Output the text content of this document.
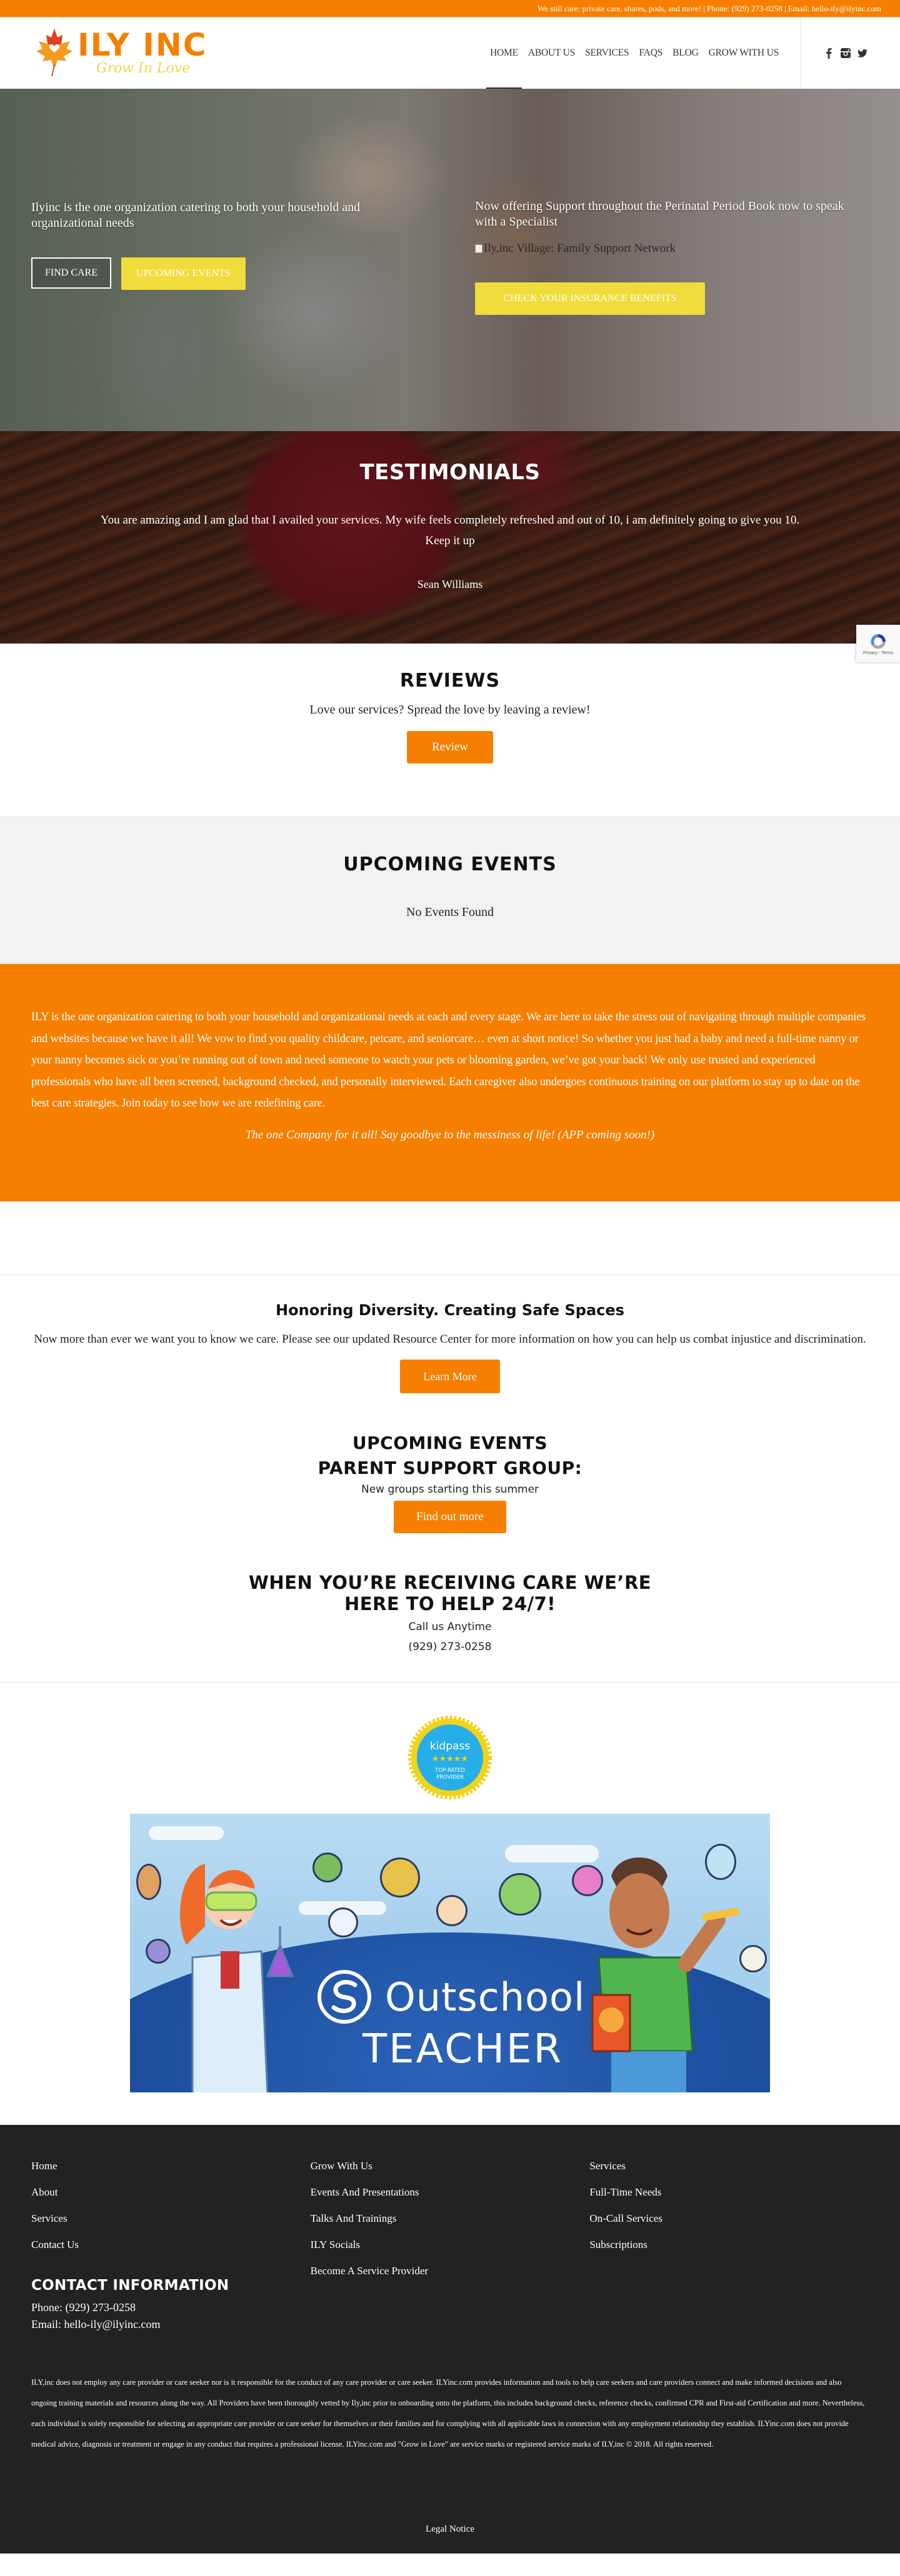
We still care: private care, shares, pods, and more! | Phone: (929) 273-0258 | Email: hello-ily@ilyinc.com
ILY INC
Grow In Love
HOME	ABOUT US	SERVICES	FAQS	BLOG	GROW WITH US

Ilyinc is the one organization catering to both your household and organizational needs

FIND CARE	UPCOMING EVENTS

Now offering Support throughout the Perinatal Period Book now to speak with a Specialist

Ily,inc Village: Family Support Network
CHECK YOUR INSURANCE BENEFITS
TESTIMONIALS

You are amazing and I am glad that I availed your services. My wife feels completely refreshed and out of 10, i am definitely going to give you 10. Keep it up

Sean Williams

Privacy - Terms
REVIEWS

Love our services? Spread the love by leaving a review!

Review
UPCOMING EVENTS

No Events Found

ILY is the one organization catering to both your household and organizational needs at each and every stage. We are here to take the stress out of navigating through multiple companies and websites because we have it all! We vow to find you quality childcare, petcare, and seniorcare… even at short notice! So whether you just had a baby and need a full-time nanny or your nanny becomes sick or you’re running out of town and need someone to watch your pets or blooming garden, we’ve got your back! We only use trusted and experienced professionals who have all been screened, background checked, and personally interviewed. Each caregiver also undergoes continuous training on our platform to stay up to date on the best care strategies. Join today to see how we are redefining care.

The one Company for it all! Say goodbye to the messiness of life! (APP coming soon!)

Honoring Diversity. Creating Safe Spaces

Now more than ever we want you to know we care. Please see our updated Resource Center for more information on how you can help us combat injustice and discrimination.

Learn More
UPCOMING EVENTS
PARENT SUPPORT GROUP:

New groups starting this summer

Find out more
WHEN YOU’RE RECEIVING CARE WE’RE
HERE TO HELP 24/7!

Call us Anytime

(929) 273-0258

kidpass
★★★★★
TOP-RATED
PROVIDER
Outschool
TEACHER
Home
About
Services
Contact Us
CONTACT INFORMATION

Phone: (929) 273-0258

Email: hello-ily@ilyinc.com

Grow With Us
Events And Presentations
Talks And Trainings
ILY Socials
Become A Service Provider
Services
Full-Time Needs
On-Call Services
Subscriptions

ILY,inc does not employ any care provider or care seeker nor is it responsible for the conduct of any care provider or care seeker. ILYinc.com provides information and tools to help care seekers and care providers connect and make informed decisions and also ongoing training materials and resources along the way. All Providers have been thoroughly vetted by Ily,inc prior to onboarding onto the platform, this includes background checks, reference checks, confirmed CPR and First-aid Certification and more. Nevertheless, each individual is solely responsible for selecting an appropriate care provider or care seeker for themselves or their families and for complying with all applicable laws in connection with any employment relationship they establish. ILYinc.com does not provide medical advice, diagnosis or treatment or engage in any conduct that requires a professional license. ILYinc.com and "Grow in Love" are service marks or registered service marks of ILY,inc © 2018. All rights reserved.

Legal Notice
